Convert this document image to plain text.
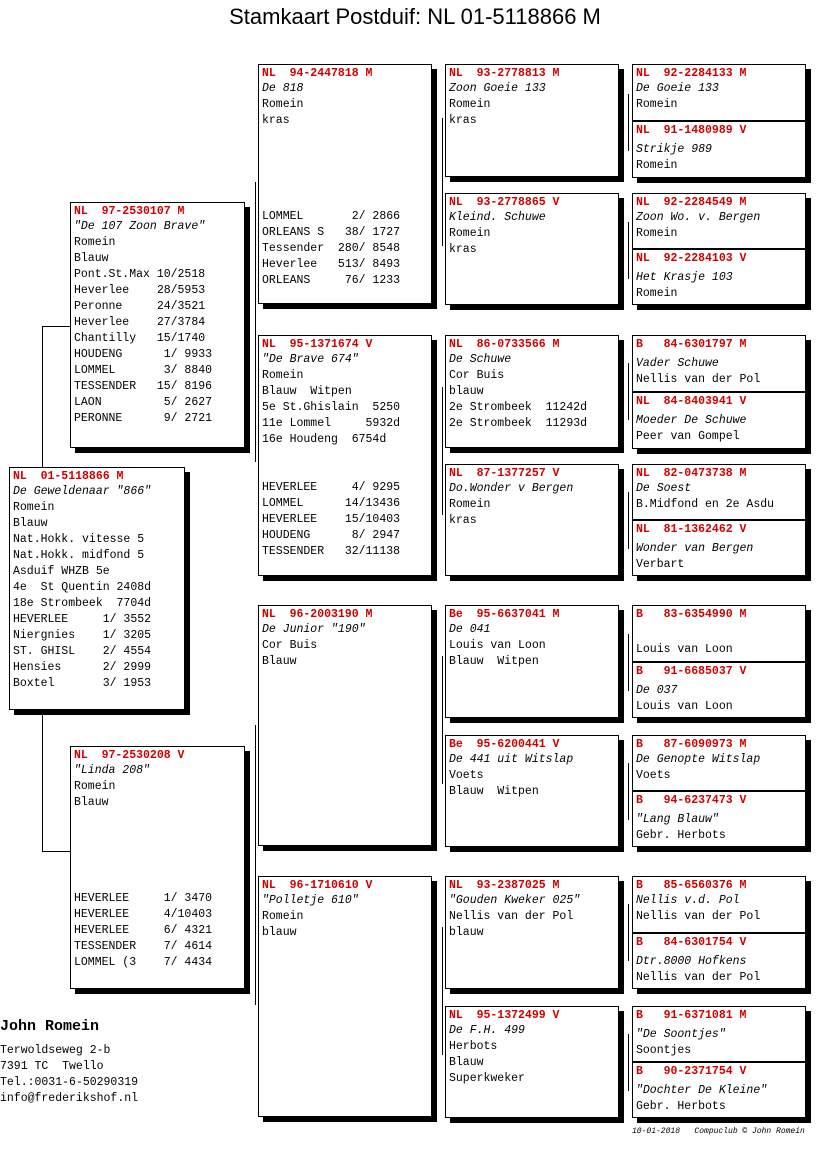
Stamkaart Postduif: NL 01-5118866 M
NL  01-5118866 M
De Geweldenaar "866"
Romein
Blauw
Nat.Hokk. vitesse 5
Nat.Hokk. midfond 5
Asduif WHZB 5e
4e  St Quentin 2408d
18e Strombeek  7704d
HEVERLEE     1/ 3552
Niergnies    1/ 3205
ST. GHISL    2/ 4554
Hensies      2/ 2999
Boxtel       3/ 1953
NL  97-2530107 M
"De 107 Zoon Brave"
Romein
Blauw
Pont.St.Max 10/2518
Heverlee    28/5953
Peronne     24/3521
Heverlee    27/3784
Chantilly   15/1740
HOUDENG      1/ 9933
LOMMEL       3/ 8840
TESSENDER   15/ 8196
LAON         5/ 2627
PERONNE      9/ 2721
NL  97-2530208 V
"Linda 208"
Romein
Blauw
HEVERLEE     1/ 3470
HEVERLEE     4/10403
HEVERLEE     6/ 4321
TESSENDER    7/ 4614
LOMMEL (3    7/ 4434
NL  94-2447818 M
De 818
Romein
kras
LOMMEL       2/ 2866
ORLEANS S   38/ 1727
Tessender  280/ 8548
Heverlee   513/ 8493
ORLEANS     76/ 1233
NL  95-1371674 V
"De Brave 674"
Romein
Blauw  Witpen
5e St.Ghislain  5250
11e Lommel     5932d
16e Houdeng  6754d
HEVERLEE     4/ 9295
LOMMEL      14/13436
HEVERLEE    15/10403
HOUDENG      8/ 2947
TESSENDER   32/11138
NL  96-2003190 M
De Junior "190"
Cor Buis
Blauw
NL  96-1710610 V
"Polletje 610"
Romein
blauw
NL  93-2778813 M
Zoon Goeie 133
Romein
kras
NL  93-2778865 V
Kleind. Schuwe
Romein
kras
NL  86-0733566 M
De Schuwe
Cor Buis
blauw
2e Strombeek  11242d
2e Strombeek  11293d
NL  87-1377257 V
Do.Wonder v Bergen
Romein
kras
Be  95-6637041 M
De 041
Louis van Loon
Blauw  Witpen
Be  95-6200441 V
De 441 uit Witslap
Voets
Blauw  Witpen
NL  93-2387025 M
"Gouden Kweker 025"
Nellis van der Pol
blauw
NL  95-1372499 V
De F.H. 499
Herbots
Blauw
Superkweker
NL  92-2284133 M
De Goeie 133
Romein
NL  91-1480989 V
Strikje 989
Romein
NL  92-2284549 M
Zoon Wo. v. Bergen
Romein
NL  92-2284103 V
Het Krasje 103
Romein
B   84-6301797 M
Vader Schuwe
Nellis van der Pol
NL  84-8403941 V
Moeder De Schuwe
Peer van Gompel
NL  82-0473738 M
De Soest
B.Midfond en 2e Asdu
NL  81-1362462 V
Wonder van Bergen
Verbart
B   83-6354990 M
Louis van Loon
B   91-6685037 V
De 037
Louis van Loon
B   87-6090973 M
De Genopte Witslap
Voets
B   94-6237473 V
"Lang Blauw"
Gebr. Herbots
B   85-6560376 M
Nellis v.d. Pol
Nellis van der Pol
B   84-6301754 V
Dtr.8000 Hofkens
Nellis van der Pol
B   91-6371081 M
"De Soontjes"
Soontjes
B   90-2371754 V
"Dochter De Kleine"
Gebr. Herbots
John Romein
Terwoldseweg 2-b
7391 TC  Twello
Tel.:0031-6-50290319
info@frederikshof.nl
10-01-2018   Compuclub © John Romein
